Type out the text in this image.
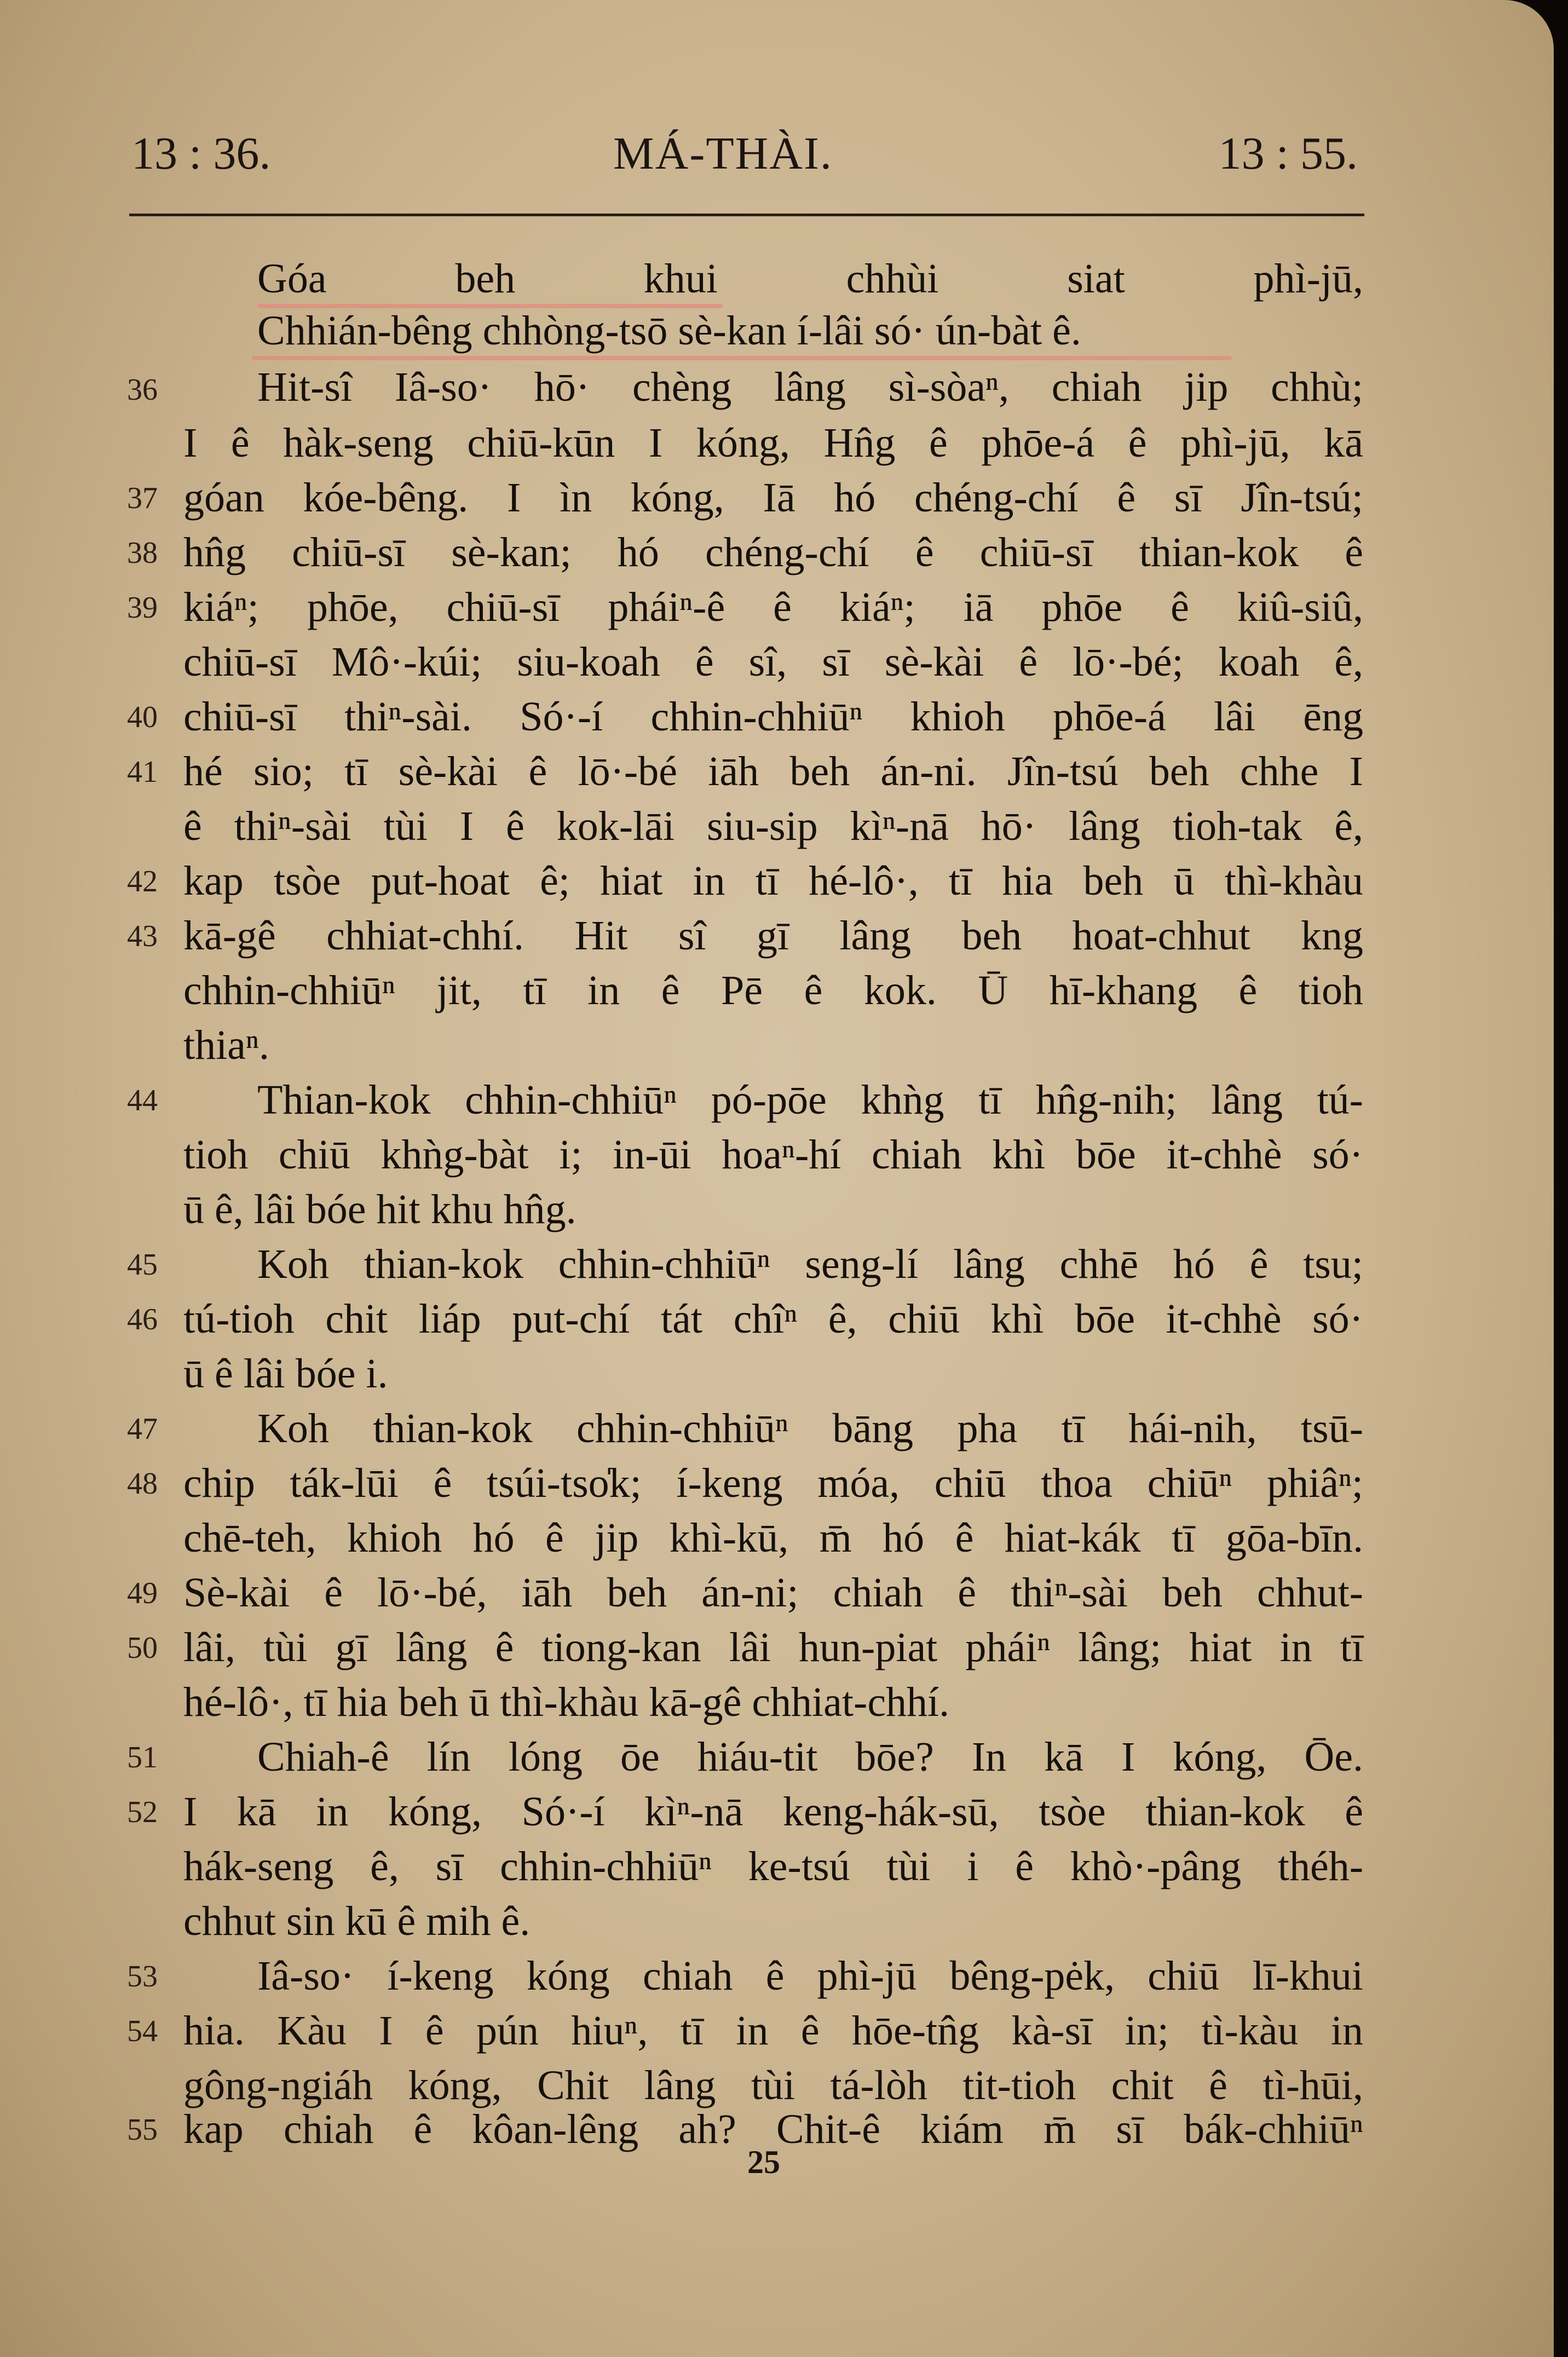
13 : 36.	MÁ-THÀI.	13 : 55.
Góa beh khui chhùi siat phì-jū,
Chhián-bêng chhòng-tsō sè-kan í-lâi só· ún-bàt ê.
36	Hit-sî Iâ-so· hō· chèng lâng sì-sòaⁿ, chiah jip chhù;
I ê hàk-seng chiū-kūn I kóng, Hn̂g ê phōe-á ê phì-jū, kā
37 góan kóe-bêng. I ìn kóng, Iā hó chéng-chí ê sī Jîn-tsú;
38 hn̂g chiū-sī sè-kan; hó chéng-chí ê chiū-sī thian-kok ê
39 kiáⁿ; phōe, chiū-sī pháiⁿ-ê ê kiáⁿ; iā phōe ê kiû-siû,
chiū-sī Mô·-kúi; siu-koah ê sî, sī sè-kài ê lō·-bé; koah ê,
40 chiū-sī thiⁿ-sài. Só·-í chhin-chhiūⁿ khioh phōe-á lâi ēng
41 hé sio; tī sè-kài ê lō·-bé iāh beh án-ni. Jîn-tsú beh chhe I
ê thiⁿ-sài tùi I ê kok-lāi siu-sip kìⁿ-nā hō· lâng tioh-tak ê,
42 kap tsòe put-hoat ê; hiat in tī hé-lô·, tī hia beh ū thì-khàu
43 kā-gê chhiat-chhí. Hit sî gī lâng beh hoat-chhut kng
chhin-chhiūⁿ jit, tī in ê Pē ê kok. Ū hī-khang ê tioh
thiaⁿ.
44	Thian-kok chhin-chhiūⁿ pó-pōe khǹg tī hn̂g-nih; lâng tú-
tioh chiū khǹg-bàt i; in-ūi hoaⁿ-hí chiah khì bōe it-chhè só·
ū ê, lâi bóe hit khu hn̂g.
45	Koh thian-kok chhin-chhiūⁿ seng-lí lâng chhē hó ê tsu;
46 tú-tioh chit liáp put-chí tát chîⁿ ê, chiū khì bōe it-chhè só·
ū ê lâi bóe i.
47	Koh thian-kok chhin-chhiūⁿ bāng pha tī hái-nih, tsū-
48 chip ták-lūi ê tsúi-tso̍k; í-keng móa, chiū thoa chiūⁿ phiâⁿ;
chē-teh, khioh hó ê jip khì-kū, m̄ hó ê hiat-kák tī gōa-bīn.
49 Sè-kài ê lō·-bé, iāh beh án-ni; chiah ê thiⁿ-sài beh chhut-
50 lâi, tùi gī lâng ê tiong-kan lâi hun-piat pháiⁿ lâng; hiat in tī
hé-lô·, tī hia beh ū thì-khàu kā-gê chhiat-chhí.
51	Chiah-ê lín lóng ōe hiáu-tit bōe? In kā I kóng, Ōe.
52 I kā in kóng, Só·-í kìⁿ-nā keng-hák-sū, tsòe thian-kok ê
hák-seng ê, sī chhin-chhiūⁿ ke-tsú tùi i ê khò·-pâng théh-
chhut sin kū ê mih ê.
53	Iâ-so· í-keng kóng chiah ê phì-jū bêng-pėk, chiū lī-khui
54 hia. Kàu I ê pún hiuⁿ, tī in ê hōe-tn̂g kà-sī in; tì-kàu in
gông-ngiáh kóng, Chit lâng tùi tá-lòh tit-tioh chit ê tì-hūi,
55 kap chiah ê kôan-lêng ah? Chit-ê kiám m̄ sī bák-chhiūⁿ
25
